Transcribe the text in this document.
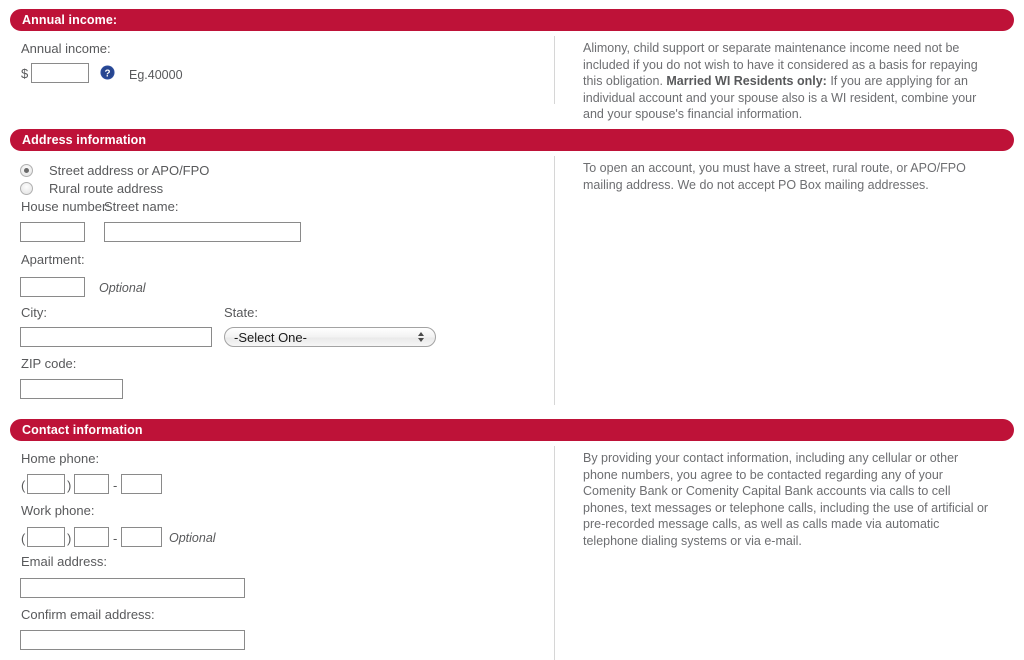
Annual income:
Annual income:
$	? Eg.40000
Alimony, child support or separate maintenance income need not be included if you do not wish to have it considered as a basis for repaying this obligation. Married WI Residents only: If you are applying for an individual account and your spouse also is a WI resident, combine your and your spouse's financial information.
Address information
Street address or APO/FPO
Rural route address
House number:
Street name:
Apartment:
Optional
City:	State:
-Select One-
ZIP code:
To open an account, you must have a street, rural route, or APO/FPO mailing address. We do not accept PO Box mailing addresses.
Contact information
Home phone:
(	)	-
Work phone:
(	)	-	Optional
Email address:
Confirm email address:
By providing your contact information, including any cellular or other phone numbers, you agree to be contacted regarding any of your Comenity Bank or Comenity Capital Bank accounts via calls to cell phones, text messages or telephone calls, including the use of artificial or pre-recorded message calls, as well as calls made via automatic telephone dialing systems or via e-mail.
